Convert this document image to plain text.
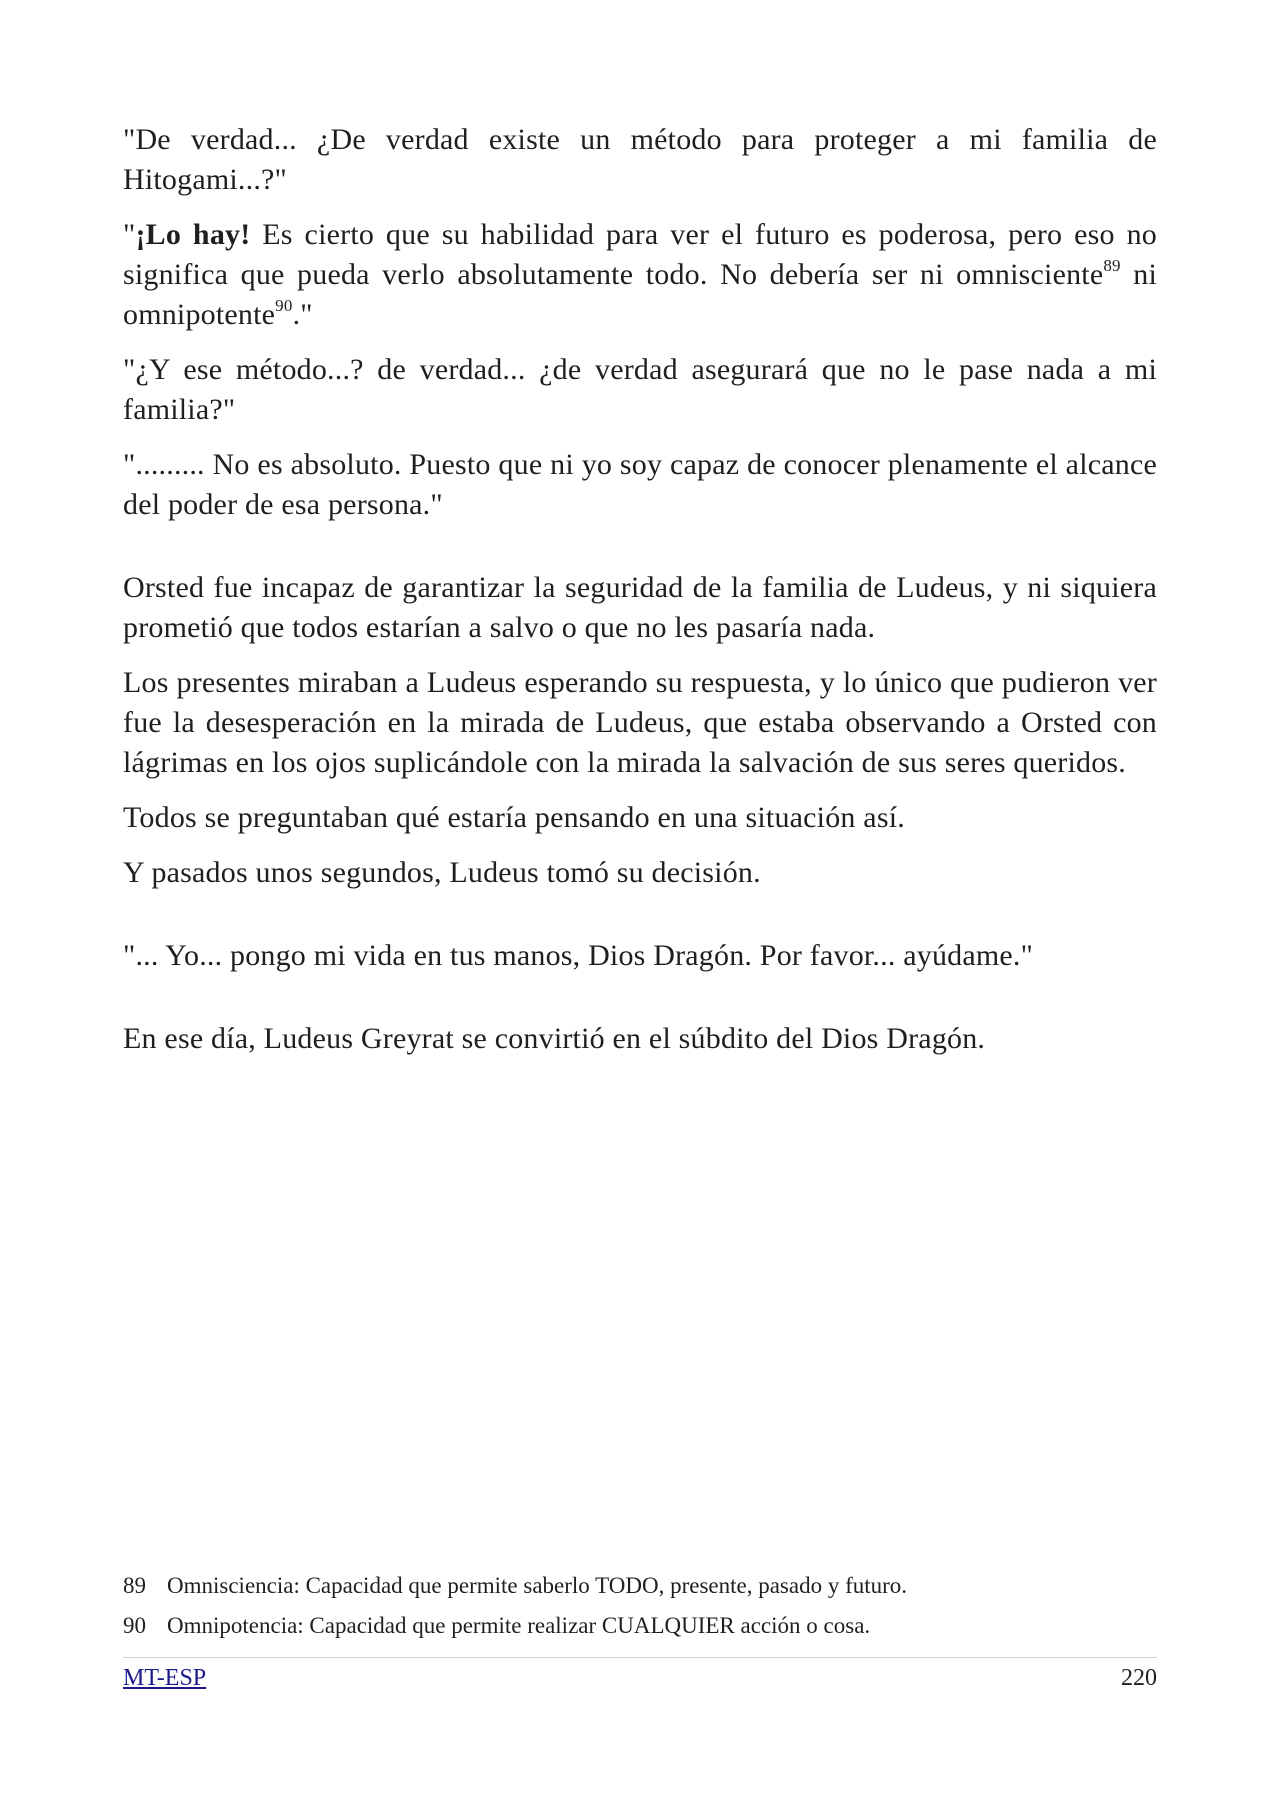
"De verdad... ¿De verdad existe un método para proteger a mi familia de Hitogami...?"

"¡Lo hay! Es cierto que su habilidad para ver el futuro es poderosa, pero eso no significa que pueda verlo absolutamente todo. No debería ser ni omnisciente$^{89}$ ni omnipotente$^{90}$."

"¿Y ese método...? de verdad... ¿de verdad asegurará que no le pase nada a mi familia?"

"......... No es absoluto. Puesto que ni yo soy capaz de conocer plenamente el alcance del poder de esa persona."

Orsted fue incapaz de garantizar la seguridad de la familia de Ludeus, y ni siquiera prometió que todos estarían a salvo o que no les pasaría nada.

Los presentes miraban a Ludeus esperando su respuesta, y lo único que pudieron ver fue la desesperación en la mirada de Ludeus, que estaba observando a Orsted con lágrimas en los ojos suplicándole con la mirada la salvación de sus seres queridos.

Todos se preguntaban qué estaría pensando en una situación así.

Y pasados unos segundos, Ludeus tomó su decisión.

"... Yo... pongo mi vida en tus manos, Dios Dragón. Por favor... ayúdame."

En ese día, Ludeus Greyrat se convirtió en el súbdito del Dios Dragón.

89 Omnisciencia: Capacidad que permite saberlo TODO, presente, pasado y futuro.
90 Omnipotencia: Capacidad que permite realizar CUALQUIER acción o cosa.
MT-ESP	220
